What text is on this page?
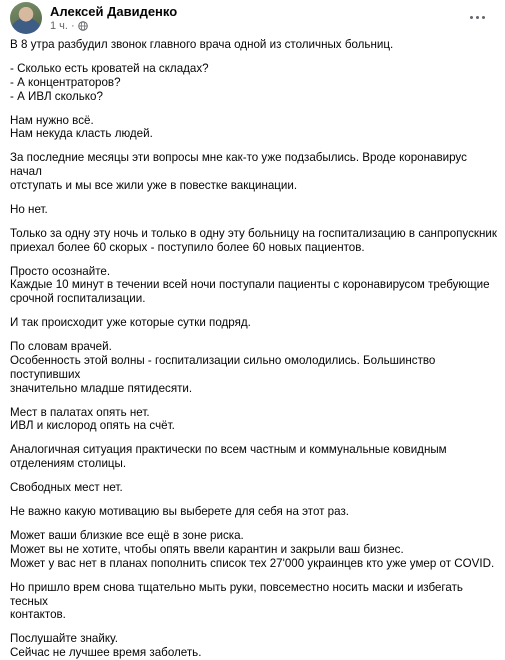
Алексей Давиденко
1 ч. ·

В 8 утра разбудил звонок главного врача одной из столичных больниц.

- Сколько есть кроватей на складах?
- А концентраторов?
- А ИВЛ сколько?

Нам нужно всё.
Нам некуда класть людей.

За последние месяцы эти вопросы мне как-то уже подзабылись. Вроде коронавирус начал
отступать и мы все жили уже в повестке вакцинации.

Но нет.

Только за одну эту ночь и только в одну эту больницу на госпитализацию в санпропускник
приехал более 60 скорых - поступило более 60 новых пациентов.

Просто осознайте.
Каждые 10 минут в течении всей ночи поступали пациенты с коронавирусом требующие
срочной госпитализации.

И так происходит уже которые сутки подряд.

По словам врачей.
Особенность этой волны - госпитализации сильно омолодились. Большинство поступивших
значительно младше пятидесяти.

Мест в палатах опять нет.
ИВЛ и кислород опять на счёт.

Аналогичная ситуация практически по всем частным и коммунальные ковидным
отделениям столицы.

Свободных мест нет.

Не важно какую мотивацию вы выберете для себя на этот раз.

Может ваши близкие все ещё в зоне риска.
Может вы не хотите, чтобы опять ввели карантин и закрыли ваш бизнес.
Может у вас нет в планах пополнить список тех 27'000 украинцев кто уже умер от COVID.

Но пришло врем снова тщательно мыть руки, повсеместно носить маски и избегать тесных
контактов.

Послушайте знайку.
Сейчас не лучшее время заболеть.
